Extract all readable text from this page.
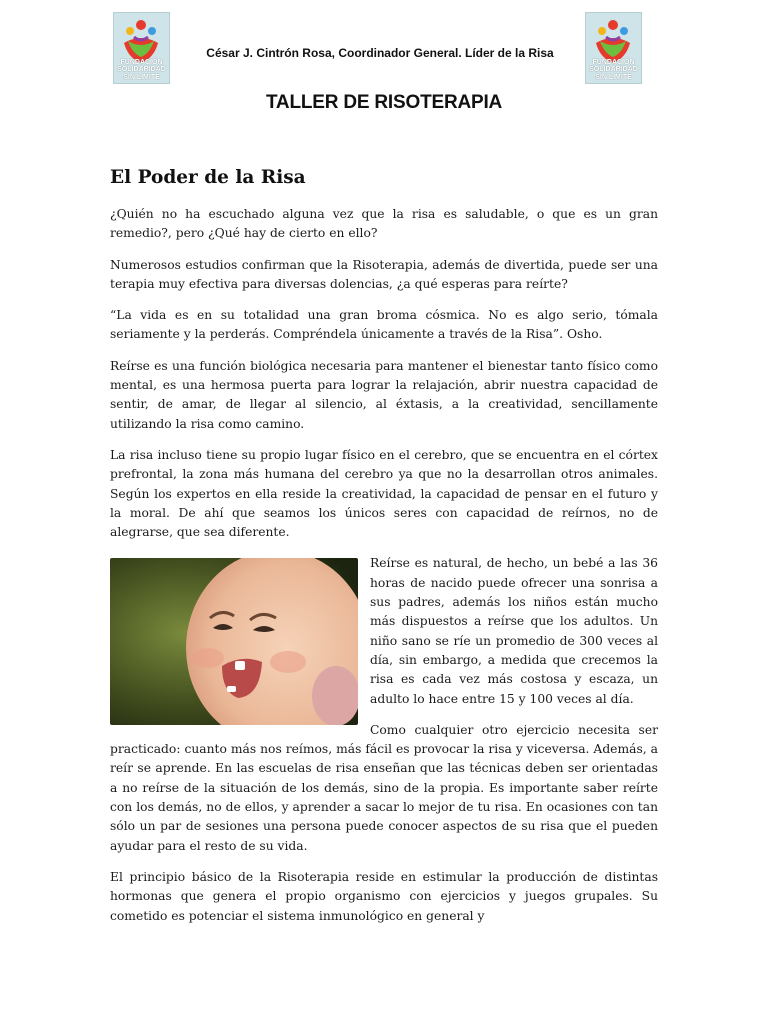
FUNDACIÓN
SOLIDARIDAD
SIN LIMITE
César J. Cintrón Rosa, Coordinador General. Líder de la Risa
FUNDACIÓN
SOLIDARIDAD
SIN LIMITE
TALLER DE RISOTERAPIA
El Poder de la Risa

¿Quién no ha escuchado alguna vez que la risa es saludable, o que es un gran remedio?, pero ¿Qué hay de cierto en ello?

Numerosos estudios confirman que la Risoterapia, además de divertida, puede ser una terapia muy efectiva para diversas dolencias, ¿a qué esperas para reírte?

“La vida es en su totalidad una gran broma cósmica. No es algo serio, tómala seriamente y la perderás. Compréndela únicamente a través de la Risa”. Osho.

Reírse es una función biológica necesaria para mantener el bienestar tanto físico como mental, es una hermosa puerta para lograr la relajación, abrir nuestra capacidad de sentir, de amar, de llegar al silencio, al éxtasis, a la creatividad, sencillamente utilizando la risa como camino.

La risa incluso tiene su propio lugar físico en el cerebro, que se encuentra en el córtex prefrontal, la zona más humana del cerebro ya que no la desarrollan otros animales. Según los expertos en ella reside la creatividad, la capacidad de pensar en el futuro y la moral. De ahí que seamos los únicos seres con capacidad de reírnos, no de alegrarse, que sea diferente.

Reírse es natural, de hecho, un bebé a las 36 horas de nacido puede ofrecer una sonrisa a sus padres, además los niños están mucho más dispuestos a reírse que los adultos. Un niño sano se ríe un promedio de 300 veces al día, sin embargo, a medida que crecemos la risa es cada vez más costosa y escaza, un adulto lo hace entre 15 y 100 veces al día.

Como cualquier otro ejercicio necesita ser practicado: cuanto más nos reímos, más fácil es provocar la risa y viceversa. Además, a reír se aprende. En las escuelas de risa enseñan que las técnicas deben ser orientadas a no reírse de la situación de los demás, sino de la propia. Es importante saber reírte con los demás, no de ellos, y aprender a sacar lo mejor de tu risa. En ocasiones con tan sólo un par de sesiones una persona puede conocer aspectos de su risa que el pueden ayudar para el resto de su vida.

El principio básico de la Risoterapia reside en estimular la producción de distintas hormonas que genera el propio organismo con ejercicios y juegos grupales. Su cometido es potenciar el sistema inmunológico en general y
